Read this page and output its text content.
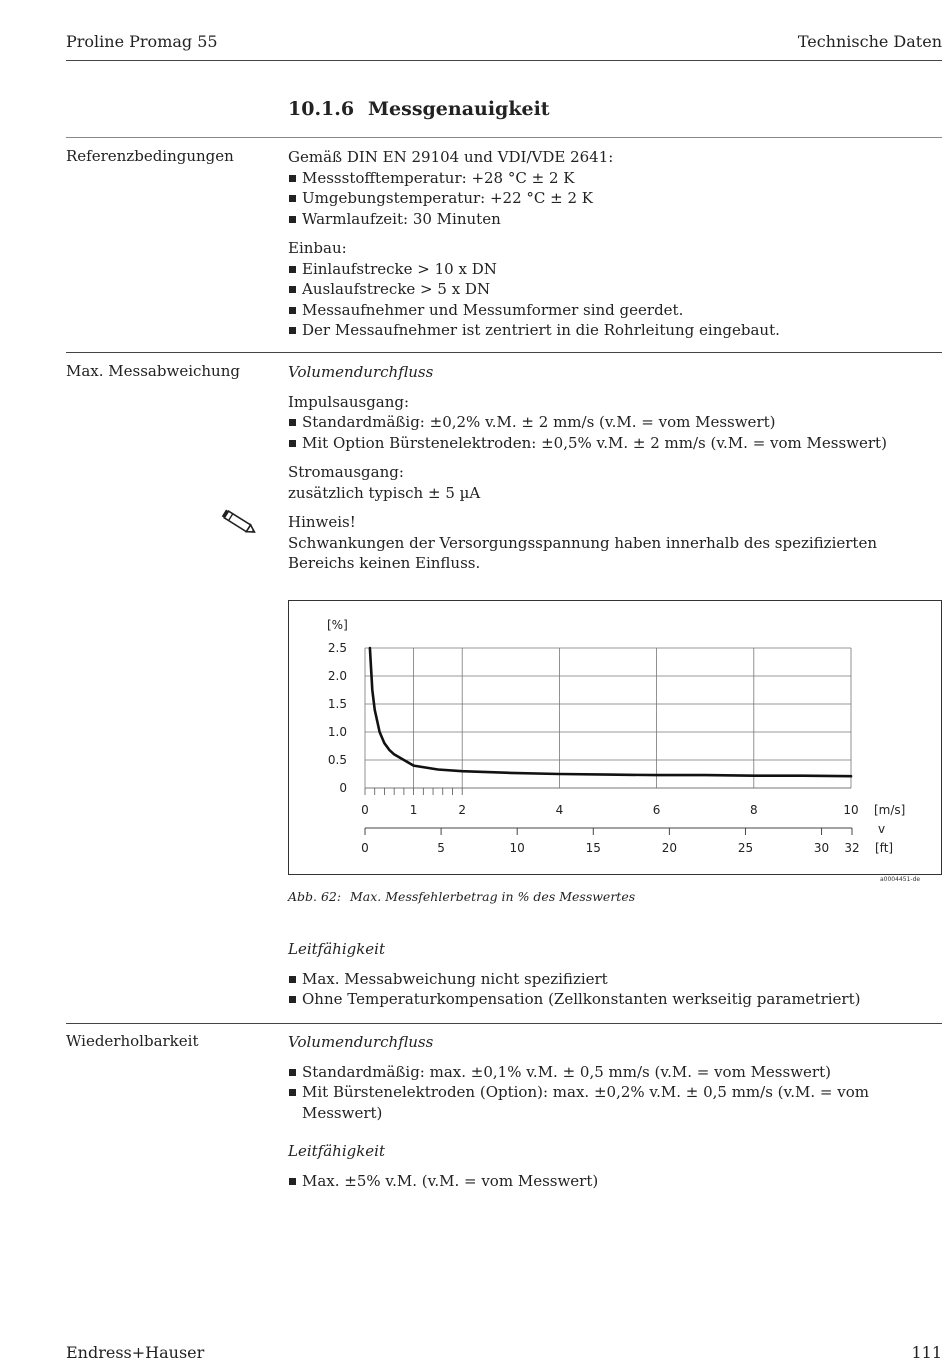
Proline Promag 55	Technische Daten
10.1.6 Messgenauigkeit
Referenzbedingungen	Gemäß DIN EN 29104 und VDI/VDE 2641:

Messstofftemperatur: +28 °C ± 2 K
Umgebungstemperatur: +22 °C ± 2 K
Warmlaufzeit: 30 Minuten

Einbau:

Einlaufstrecke > 10 x DN
Auslaufstrecke > 5 x DN
Messaufnehmer und Messumformer sind geerdet.
Der Messaufnehmer ist zentriert in die Rohrleitung eingebaut.
Max. Messabweichung	Volumendurchfluss

Impulsausgang:

Standardmäßig: ±0,2% v.M. ± 2 mm/s (v.M. = vom Messwert)
Mit Option Bürstenelektroden: ±0,5% v.M. ± 2 mm/s (v.M. = vom Messwert)

Stromausgang:

zusätzlich typisch ± 5 µA

Hinweis!

Schwankungen der Versorgungsspannung haben innerhalb des spezifizierten Bereichs keinen Einfluss.

0
0.5
1.0
1.5
2.0
2.5
0	1	2	4	6	8	10
0	5	10	15	20	25	30 32
[%]
[m/s]
v
[ft]
a0004451-de
Abb. 62: Max. Messfehlerbetrag in % des Messwertes

Leitfähigkeit

Max. Messabweichung nicht spezifiziert
Ohne Temperaturkompensation (Zellkonstanten werkseitig parametriert)
Wiederholbarkeit	Volumendurchfluss

Standardmäßig: max. ±0,1% v.M. ± 0,5 mm/s (v.M. = vom Messwert)
Mit Bürstenelektroden (Option): max. ±0,2% v.M. ± 0,5 mm/s (v.M. = vom Messwert)

Leitfähigkeit

Max. ±5% v.M. (v.M. = vom Messwert)
Endress+Hauser	111
